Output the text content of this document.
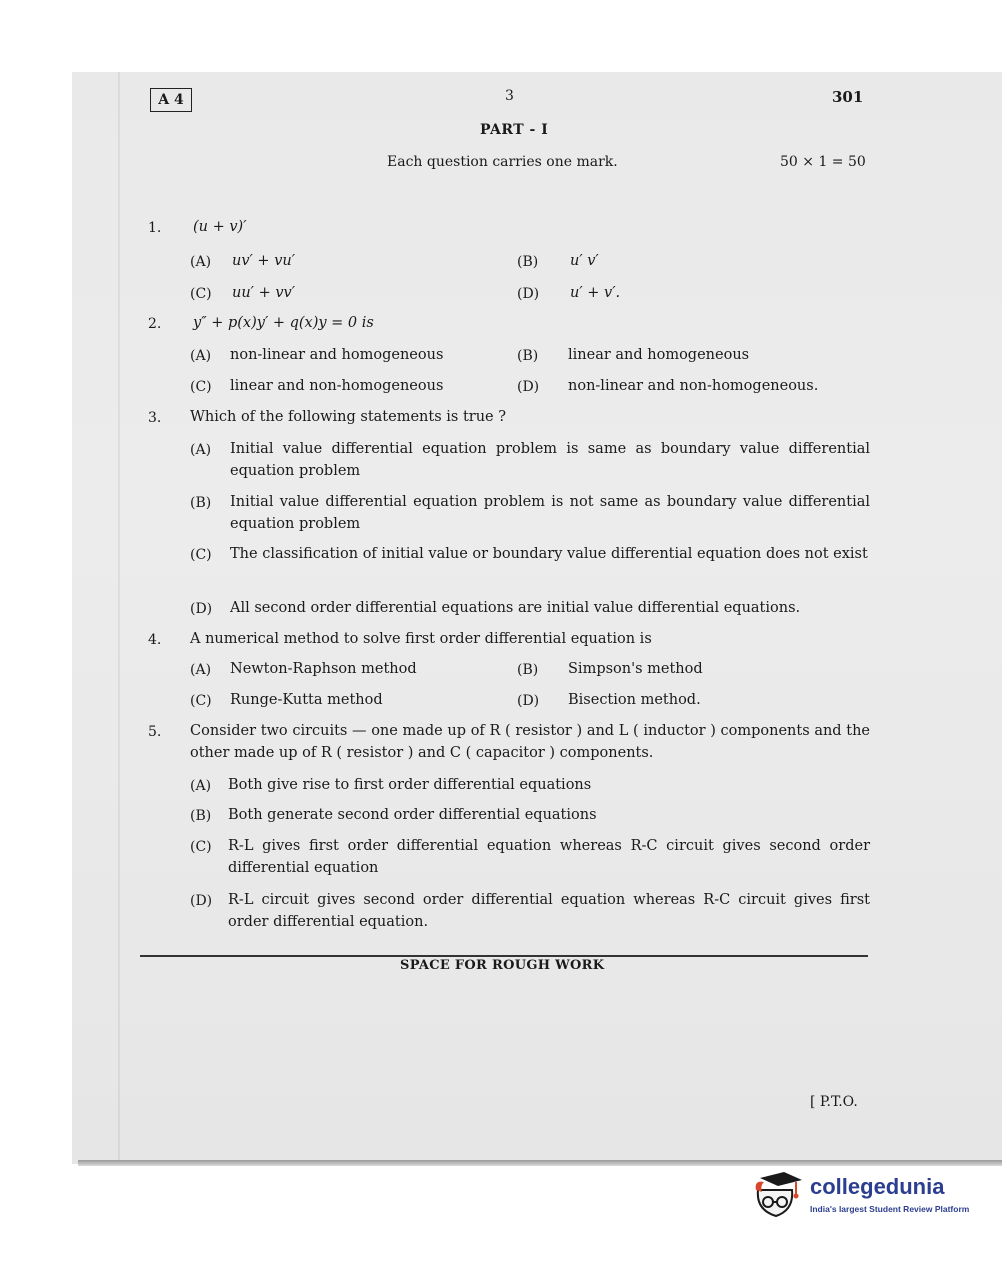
A 4	3	301
PART - I
Each question carries one mark.	50 × 1 = 50
1. (u + v)′
(A) uv′ + vu′	(B) u′ v′
(C) uu′ + vv′	(D) u′ + v′.
2. y″ + p(x)y′ + q(x)y = 0 is
(A) non-linear and homogeneous	(B) linear and homogeneous
(C) linear and non-homogeneous	(D) non-linear and non-homogeneous.
3. Which of the following statements is true ?
(A) Initial value differential equation problem is same as boundary value differential equation problem
(B) Initial value differential equation problem is not same as boundary value differential equation problem
(C) The classification of initial value or boundary value differential equation does not exist
(D) All second order differential equations are initial value differential equations.
4. A numerical method to solve first order differential equation is
(A) Newton-Raphson method	(B) Simpson's method
(C) Runge-Kutta method	(D) Bisection method.
5. Consider two circuits — one made up of R ( resistor ) and L ( inductor ) components and the other made up of R ( resistor ) and C ( capacitor ) components.
(A) Both give rise to first order differential equations
(B) Both generate second order differential equations
(C) R-L gives first order differential equation whereas R-C circuit gives second order differential equation
(D) R-L circuit gives second order differential equation whereas R-C circuit gives first order differential equation.
SPACE FOR ROUGH WORK
[ P.T.O.
collegedunia
India's largest Student Review Platform
